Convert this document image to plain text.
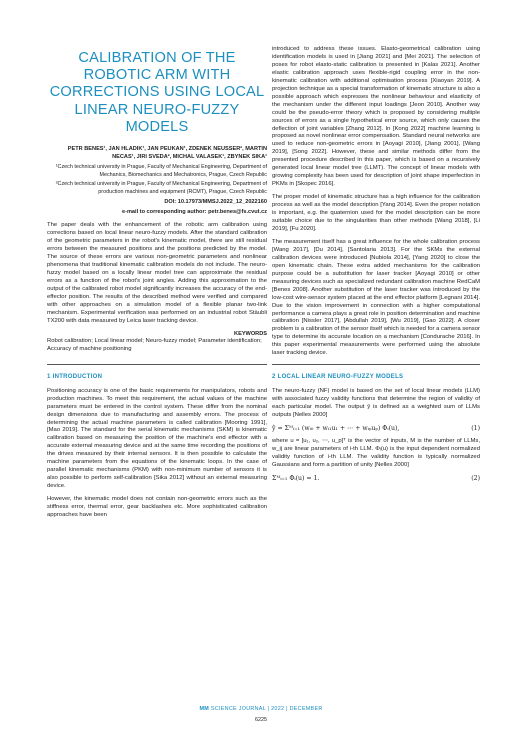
CALIBRATION OF THE ROBOTIC ARM WITH CORRECTIONS USING LOCAL LINEAR NEURO-FUZZY MODELS
PETR BENES¹, JAN HLADIK¹, JAN PEUKAN¹, ZDENEK NEUSSER², MARTIN NECAS¹, JIRI SVEDA², MICHAL VALASEK¹, ZBYNEK SIKA¹
¹Czech technical university in Prague, Faculty of Mechanical Engineering, Department of Mechanics, Biomechanics and Mechatronics, Prague, Czech Republic
²Czech technical university in Prague, Faculty of Mechanical Engineering, Department of production machines and equipment (RCMT), Prague, Czech Republic
DOI: 10.17973/MMSJ.2022_12_2022160
e-mail to corresponding author: petr.benes@fs.cvut.cz

The paper deals with the enhancement of the robotic arm calibration using corrections based on local linear neuro-fuzzy models. After the standard calibration of the geometric parameters in the robot's kinematic model, there are still residual errors between the measured positions and the positions predicted by the model. The source of these errors are various non-geometric parameters and nonlinear phenomena that traditional kinematic calibration models do not include. The neuro-fuzzy model based on a locally linear model tree can approximate the residual errors as a function of the robot's joint angles. Adding this approximation to the output of the calibrated robot model significantly increases the accuracy of the end-effector position. The results of the described method were verified and compared with other approaches on a simulation model of a flexible planar two-link mechanism. Experimental verification was performed on an industrial robot Stäubli TX200 with data measured by Leica laser tracking device.

KEYWORDS
Robot calibration; Local linear model; Neuro-fuzzy model; Parameter identification; Accuracy of machine positioning
1 INTRODUCTION

Positioning accuracy is one of the basic requirements for manipulators, robots and production machines. To meet this requirement, the actual values of the machine parameters must be entered in the control system. These differ from the nominal design dimensions due to manufacturing and assembly errors. The process of determining the actual machine parameters is called calibration [Mooring 1991], [Mao 2019]. The standard for the serial kinematic mechanisms (SKM) is kinematic calibration based on measuring the position of the machine's end effector with a accurate external measuring device and at the same time recording the positions of the drives measured by their internal sensors. It is then possible to calculate the machine parameters from the equations of the kinematic loops. In the case of parallel kinematic mechanisms (PKM) with non-minimum number of sensors it is also possible to perform self-calibration [Sika 2012] without an external measuring device.

However, the kinematic model does not contain non-geometric errors such as the stiffness error, thermal error, gear backlashes etc. More sophisticated calibration approaches have been

introduced to address these issues. Elasto-geometrical calibration using identification models is used in [Jiang 2021] and [Mei 2021]. The selection of poses for robot elasto-static calibration is presented in [Kalas 2021]. Another elastic calibration approach uses flexible-rigid coupling error in the non-kinematic calibration with additional optimisation process [Xiaoyan 2019]. A projection technique as a special transformation of kinematic structure is also a possible approach which expresses the nonlinear behaviour and elasticity of the mechanism under the different input loadings [Jeon 2010]. Another way could be the pseudo-error theory which is proposed by considering multiple sources of errors as a single hypothetical error source, which only causes the deflection of joint variables [Zhang 2012]. In [Kong 2022] machine learning is proposed as novel nonlinear error compensation. Standard neural networks are used to reduce non-geometric errors in [Aoyagi 2010], [Jiang 2001], [Wang 2019], [Song 2022]. However, these and similar methods differ from the presented procedure described in this paper, which is based on a recursively generated local linear model tree (LLMT). The concept of linear models with growing complexity has been used for description of joint shape imperfection in PKMs in [Skopec 2016].

The proper model of kinematic structure has a high influence for the calibration process as well as the model description [Yang 2014]. Even the proper notation is important, e.g. the quaternion used for the model description can be more suitable choice due to the singularities than other methods [Wang 2018], [Li 2019], [Fu 2020].

The measurement itself has a great influence for the whole calibration process [Wang 2017], [Du 2014], [Santolaria 2013]. For the SKMs the external calibration devices were introduced [Nubiola 2014], [Yang 2020] to close the open kinematic chain. These extra added mechanisms for the calibration purpose could be a substitution for laser tracker [Aoyagi 2010] or other measuring devices such as specialized redundant calibration machine RedCaM [Benes 2008]. Another substitution of the laser tracker was introduced by the low-cost wire-sensor system placed at the end effector platform [Legnani 2014]. Due to the vision improvement in connection with a higher computational performance a camera plays a great role in position determination and machine calibration [Nissler 2017], [Abdullah 2019], [Wu 2019], [Gao 2022]. A closer problem is a calibration of the sensor itself which is needed for a camera sensor type to determine its accurate location on a mechanism [Condurache 2016]. In this paper experimental measurements were performed using the absolute laser tracking device.

2 LOCAL LINEAR NEURO-FUZZY MODELS

The neuro-fuzzy (NF) model is based on the set of local linear models (LLM) with associated fuzzy validity functions that determine the region of validity of each particular model. The output ŷ is defined as a weighted sum of LLMs outputs [Nelles 2000]

ŷ = Σᴹᵢ₌₁ (wᵢ₀ + wᵢ₁u₁ + ⋯ + wᵢₚuₚ) Φᵢ(u),	(1)

where u = [u₁, u₂, ⋯, u_p]ᵀ is the vector of inputs, M is the number of LLMs, w_ij are linear parameters of i-th LLM. Φᵢ(u) is the input dependent normalized validity function of i-th LLM. The validity function is typically normalized Gaussians and form a partition of unity [Nelles 2000]

Σᴹᵢ₌₁ Φᵢ(u) = 1.	(2)
MM SCIENCE JOURNAL | 2022 | DECEMBER
6225
